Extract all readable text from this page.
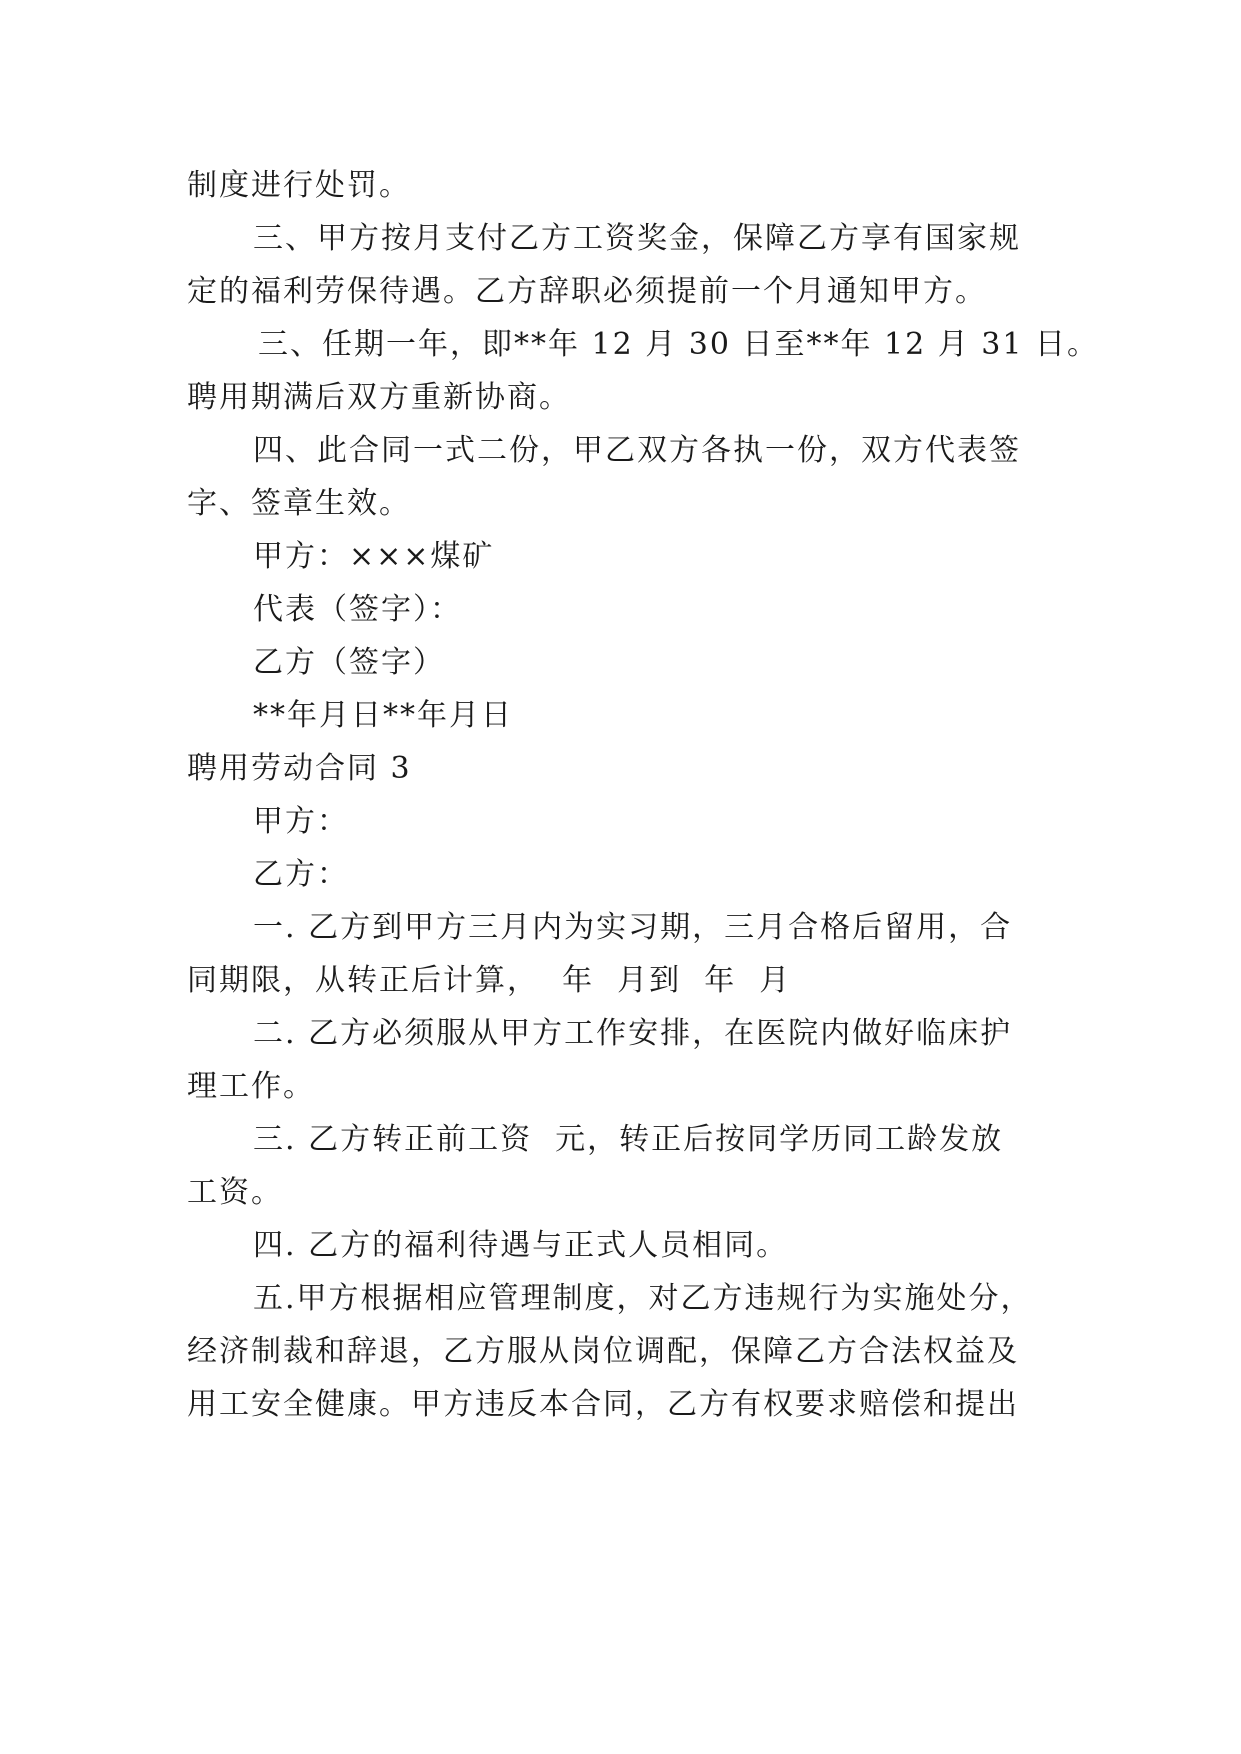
制度进行处罚。
三、甲方按月支付乙方工资奖金，保障乙方享有国家规
定的福利劳保待遇。乙方辞职必须提前一个月通知甲方。
三、任期一年，即**年 12 月 30 日至**年 12 月 31 日。
聘用期满后双方重新协商。
四、此合同一式二份，甲乙双方各执一份，双方代表签
字、签章生效。
甲方：×××煤矿
代表（签字）：
乙方（签字）
**年月日**年月日
聘用劳动合同 3
甲方：
乙方：
一. 乙方到甲方三月内为实习期，三月合格后留用，合
同期限，从转正后计算，  年  月到  年  月
二. 乙方必须服从甲方工作安排，在医院内做好临床护
理工作。
三. 乙方转正前工资  元，转正后按同学历同工龄发放
工资。
四. 乙方的福利待遇与正式人员相同。
五.甲方根据相应管理制度，对乙方违规行为实施处分，
经济制裁和辞退，乙方服从岗位调配，保障乙方合法权益及
用工安全健康。甲方违反本合同，乙方有权要求赔偿和提出
